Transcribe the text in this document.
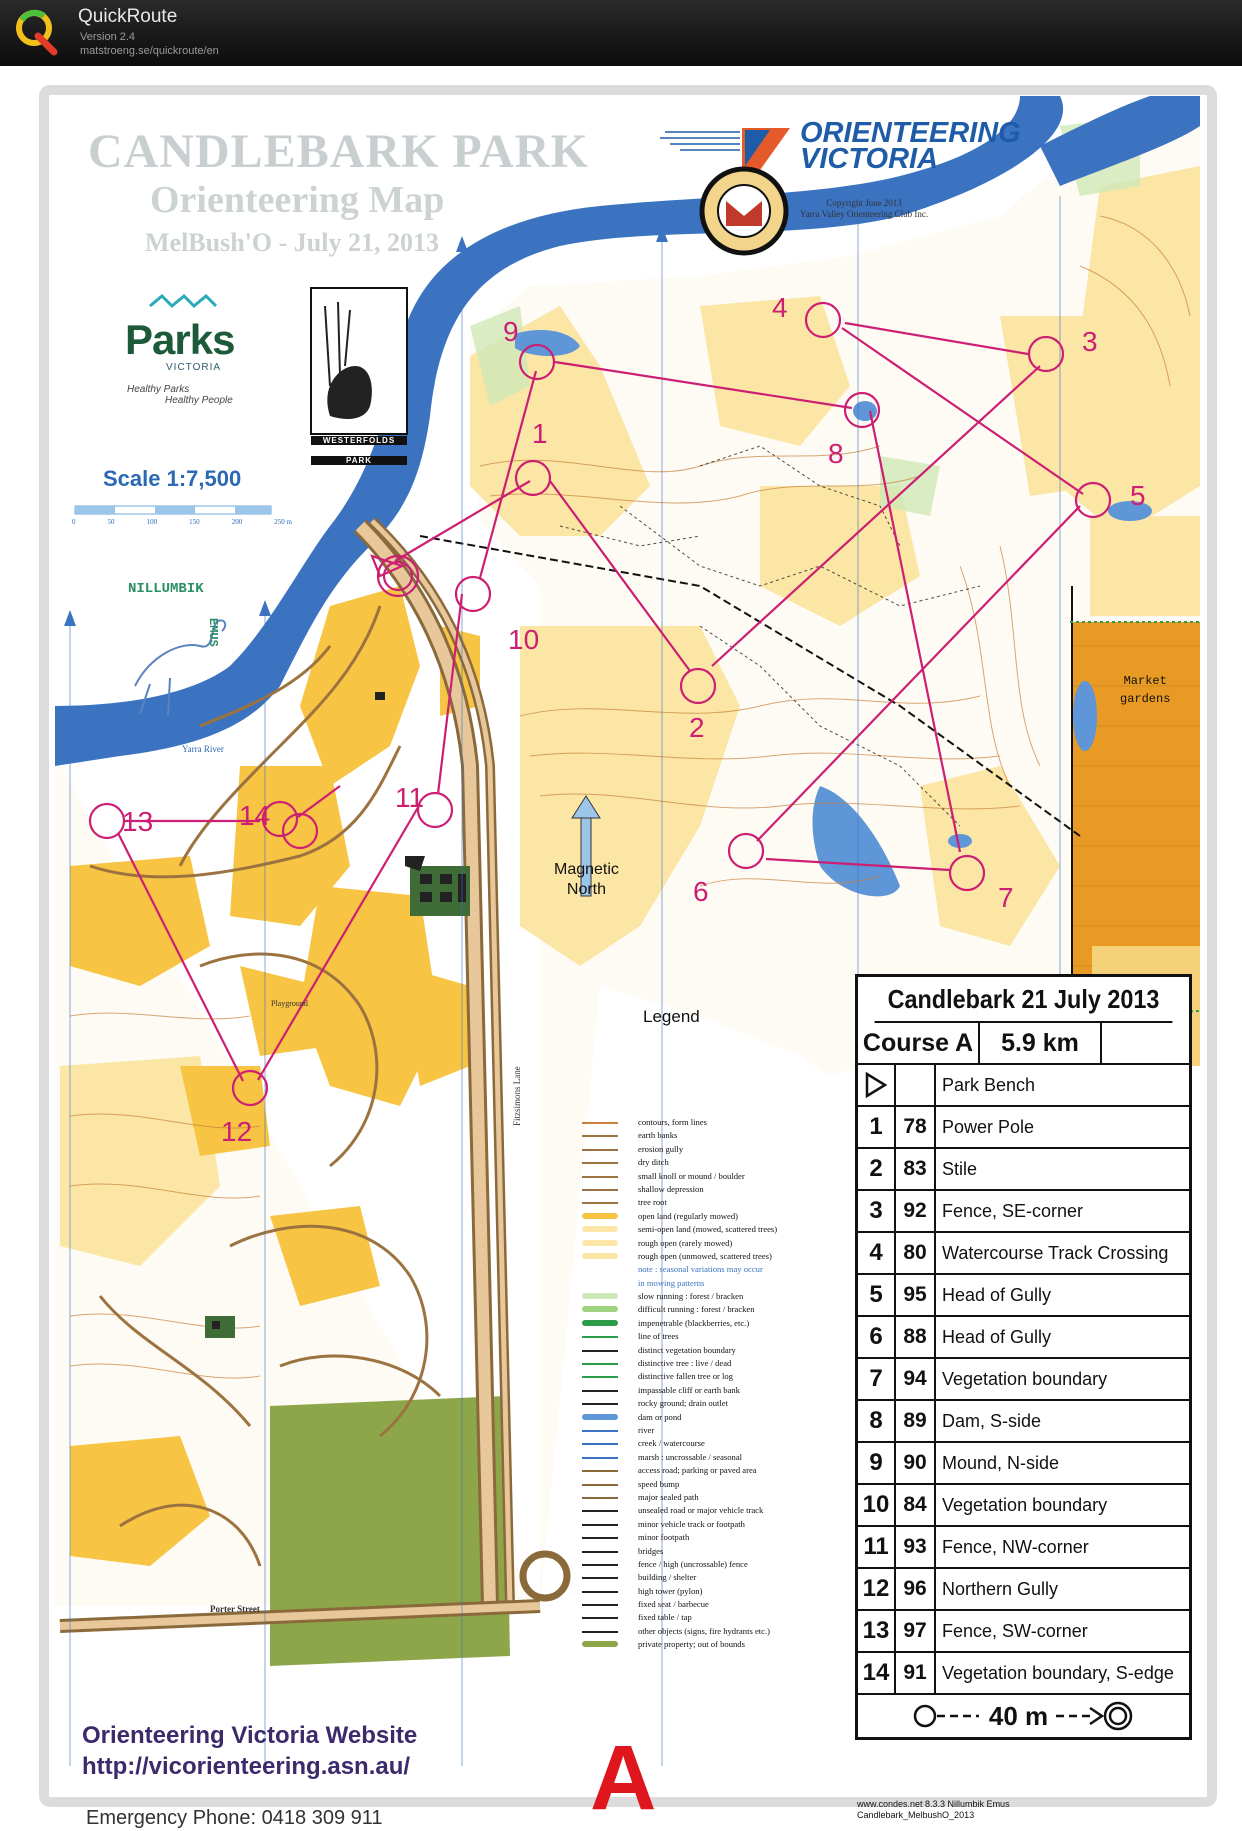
QuickRoute
Version 2.4
matstroeng.se/quickroute/en
CANDLEBARK PARK
Orienteering Map
MelBush'O - July 21, 2013
ORIENTEERING
VICTORIA
Copyright June 2013
Yarra Valley Orienteering Club Inc.
Parks
VICTORIA
Healthy Parks
Healthy People
WESTERFOLDS
PARK
Scale 1:7,500
0	50	100	150	200	250 m
NILLUMBIK
EMUS
Yarra River
Magnetic
North
Market
gardens
Fitzsimons Lane
Porter Street
Playground
1
2
3
4
5
6	7
8
9
10
11
12
13	14
Legend
contours, form lines
earth banks
erosion gully
dry ditch
small knoll or mound / boulder
shallow depression
tree root
open land (regularly mowed)
semi-open land (mowed, scattered trees)
rough open (rarely mowed)
rough open (unmowed, scattered trees)
note : seasonal variations may occur
in mowing patterns
slow running : forest / bracken
difficult running : forest / bracken
impenetrable (blackberries, etc.)
line of trees
distinct vegetation boundary
distinctive tree : live / dead
distinctive fallen tree or log
impassable cliff or earth bank
rocky ground; drain outlet
dam or pond
river
creek / watercourse
marsh : uncrossable / seasonal
access road; parking or paved area
speed bump
major sealed path
unsealed road or major vehicle track
minor vehicle track or footpath
minor footpath
bridges
fence / high (uncrossable) fence
building / shelter
high tower (pylon)
fixed seat / barbecue
fixed table / tap
other objects (signs, fire hydrants etc.)
private property; out of bounds
Candlebark 21 July 2013
Course A	5.9 km
Park Bench
1 78 Power Pole
2 83 Stile
3 92 Fence, SE-corner
4 80 Watercourse Track Crossing
5 95 Head of Gully
6 88 Head of Gully
7 94 Vegetation boundary
8 89 Dam, S-side
9 90 Mound, N-side
10 84 Vegetation boundary
11 93 Fence, NW-corner
12 96 Northern Gully
13 97 Fence, SW-corner
14 91 Vegetation boundary, S-edge
40 m
www.condes.net 8.3.3 Nillumbik Emus
Candlebark_MelbushO_2013
Orienteering Victoria Website
http://vicorienteering.asn.au/
Emergency Phone: 0418 309 911 A
